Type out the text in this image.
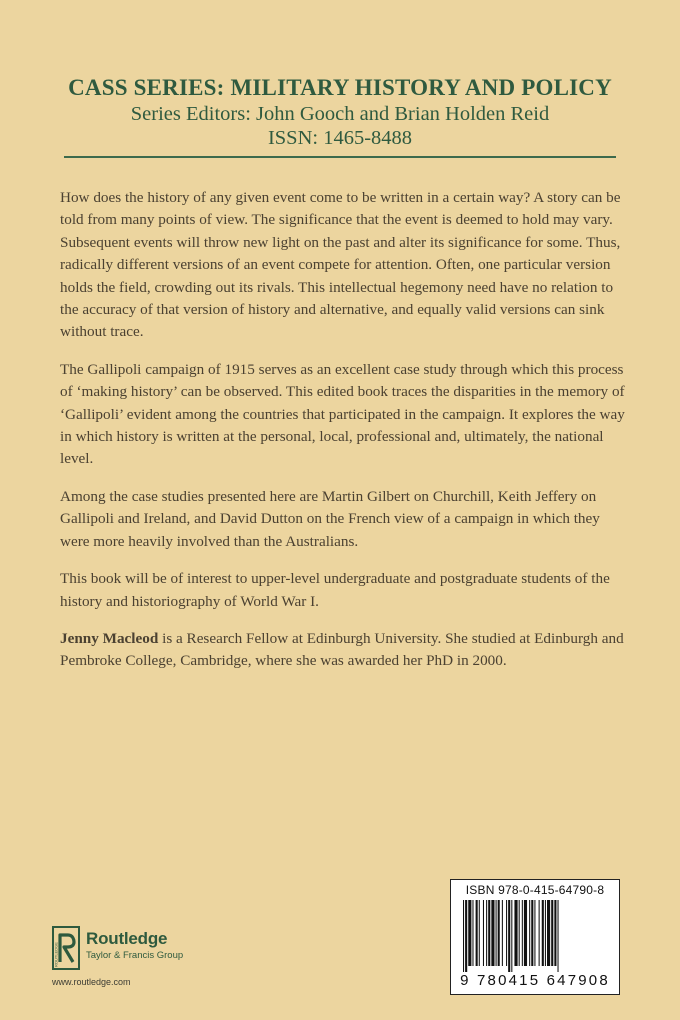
CASS SERIES: MILITARY HISTORY AND POLICY
Series Editors: John Gooch and Brian Holden Reid
ISSN: 1465-8488

How does the history of any given event come to be written in a certain way? A story can be told from many points of view. The significance that the event is deemed to hold may vary. Subsequent events will throw new light on the past and alter its significance for some. Thus, radically different versions of an event compete for attention. Often, one particular version holds the field, crowding out its rivals. This intellectual hegemony need have no relation to the accuracy of that version of history and alternative, and equally valid versions can sink without trace.

The Gallipoli campaign of 1915 serves as an excellent case study through which this process of ‘making history’ can be observed. This edited book traces the disparities in the memory of ‘Gallipoli’ evident among the countries that participated in the campaign. It explores the way in which history is written at the personal, local, professional and, ultimately, the national level.

Among the case studies presented here are Martin Gilbert on Churchill, Keith Jeffery on Gallipoli and Ireland, and David Dutton on the French view of a campaign in which they were more heavily involved than the Australians.

This book will be of interest to upper-level undergraduate and postgraduate students of the history and historiography of World War I.

Jenny Macleod is a Research Fellow at Edinburgh University. She studied at Edinburgh and Pembroke College, Cambridge, where she was awarded her PhD in 2000.

ROUTLEDGE
Routledge
Taylor & Francis Group
www.routledge.com
ISBN 978-0-415-64790-8
9 780415 647908
